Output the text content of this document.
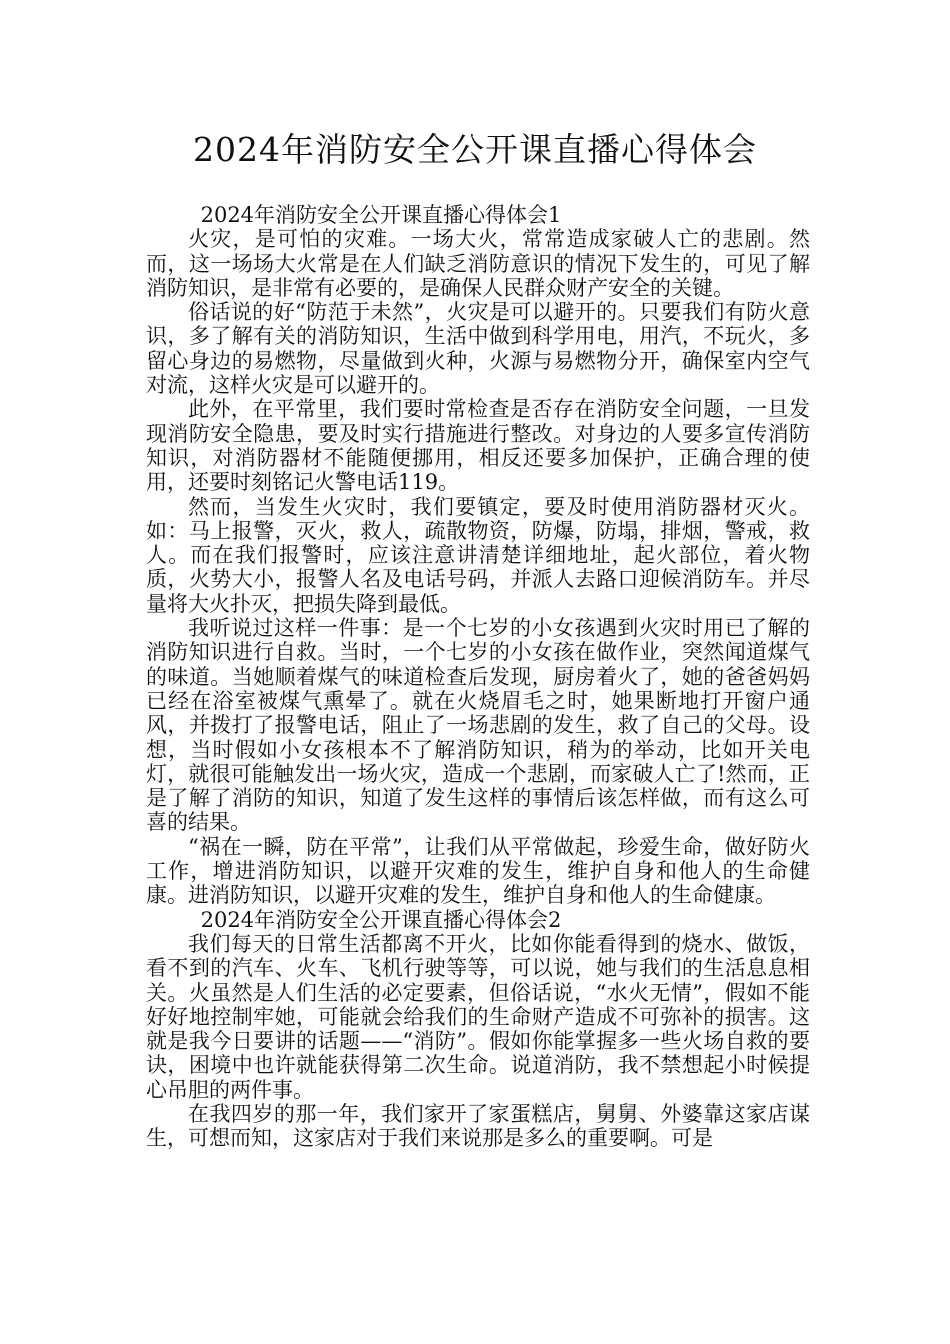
2024年消防安全公开课直播心得体会

2024年消防安全公开课直播心得体会1

火灾，是可怕的灾难。一场大火，常常造成家破人亡的悲剧。然而，这一场场大火常是在人们缺乏消防意识的情况下发生的，可见了解消防知识，是非常有必要的，是确保人民群众财产安全的关键。

俗话说的好“防范于未然”，火灾是可以避开的。只要我们有防火意识，多了解有关的消防知识，生活中做到科学用电，用汽，不玩火，多留心身边的易燃物，尽量做到火种，火源与易燃物分开，确保室内空气对流，这样火灾是可以避开的。

此外，在平常里，我们要时常检查是否存在消防安全问题，一旦发现消防安全隐患，要及时实行措施进行整改。对身边的人要多宣传消防知识，对消防器材不能随便挪用，相反还要多加保护，正确合理的使用，还要时刻铭记火警电话119。

然而，当发生火灾时，我们要镇定，要及时使用消防器材灭火。如：马上报警，灭火，救人，疏散物资，防爆，防塌，排烟，警戒，救人。而在我们报警时，应该注意讲清楚详细地址，起火部位，着火物质，火势大小，报警人名及电话号码，并派人去路口迎候消防车。并尽量将大火扑灭，把损失降到最低。

我听说过这样一件事：是一个七岁的小女孩遇到火灾时用已了解的消防知识进行自救。当时，一个七岁的小女孩在做作业，突然闻道煤气的味道。当她顺着煤气的味道检查后发现，厨房着火了，她的爸爸妈妈已经在浴室被煤气熏晕了。就在火烧眉毛之时，她果断地打开窗户通风，并拨打了报警电话，阻止了一场悲剧的发生，救了自己的父母。设想，当时假如小女孩根本不了解消防知识，稍为的举动，比如开关电灯，就很可能触发出一场火灾，造成一个悲剧，而家破人亡了!然而，正是了解了消防的知识，知道了发生这样的事情后该怎样做，而有这么可喜的结果。

“祸在一瞬，防在平常”，让我们从平常做起，珍爱生命，做好防火工作，增进消防知识，以避开灾难的发生，维护自身和他人的生命健康。进消防知识，以避开灾难的发生，维护自身和他人的生命健康。

2024年消防安全公开课直播心得体会2

我们每天的日常生活都离不开火，比如你能看得到的烧水、做饭，看不到的汽车、火车、飞机行驶等等，可以说，她与我们的生活息息相关。火虽然是人们生活的必定要素，但俗话说，“水火无情”，假如不能好好地控制牢她，可能就会给我们的生命财产造成不可弥补的损害。这就是我今日要讲的话题——“消防”。假如你能掌握多一些火场自救的要诀，困境中也许就能获得第二次生命。说道消防，我不禁想起小时候提心吊胆的两件事。

在我四岁的那一年，我们家开了家蛋糕店，舅舅、外婆靠这家店谋生，可想而知，这家店对于我们来说那是多么的重要啊。可是
